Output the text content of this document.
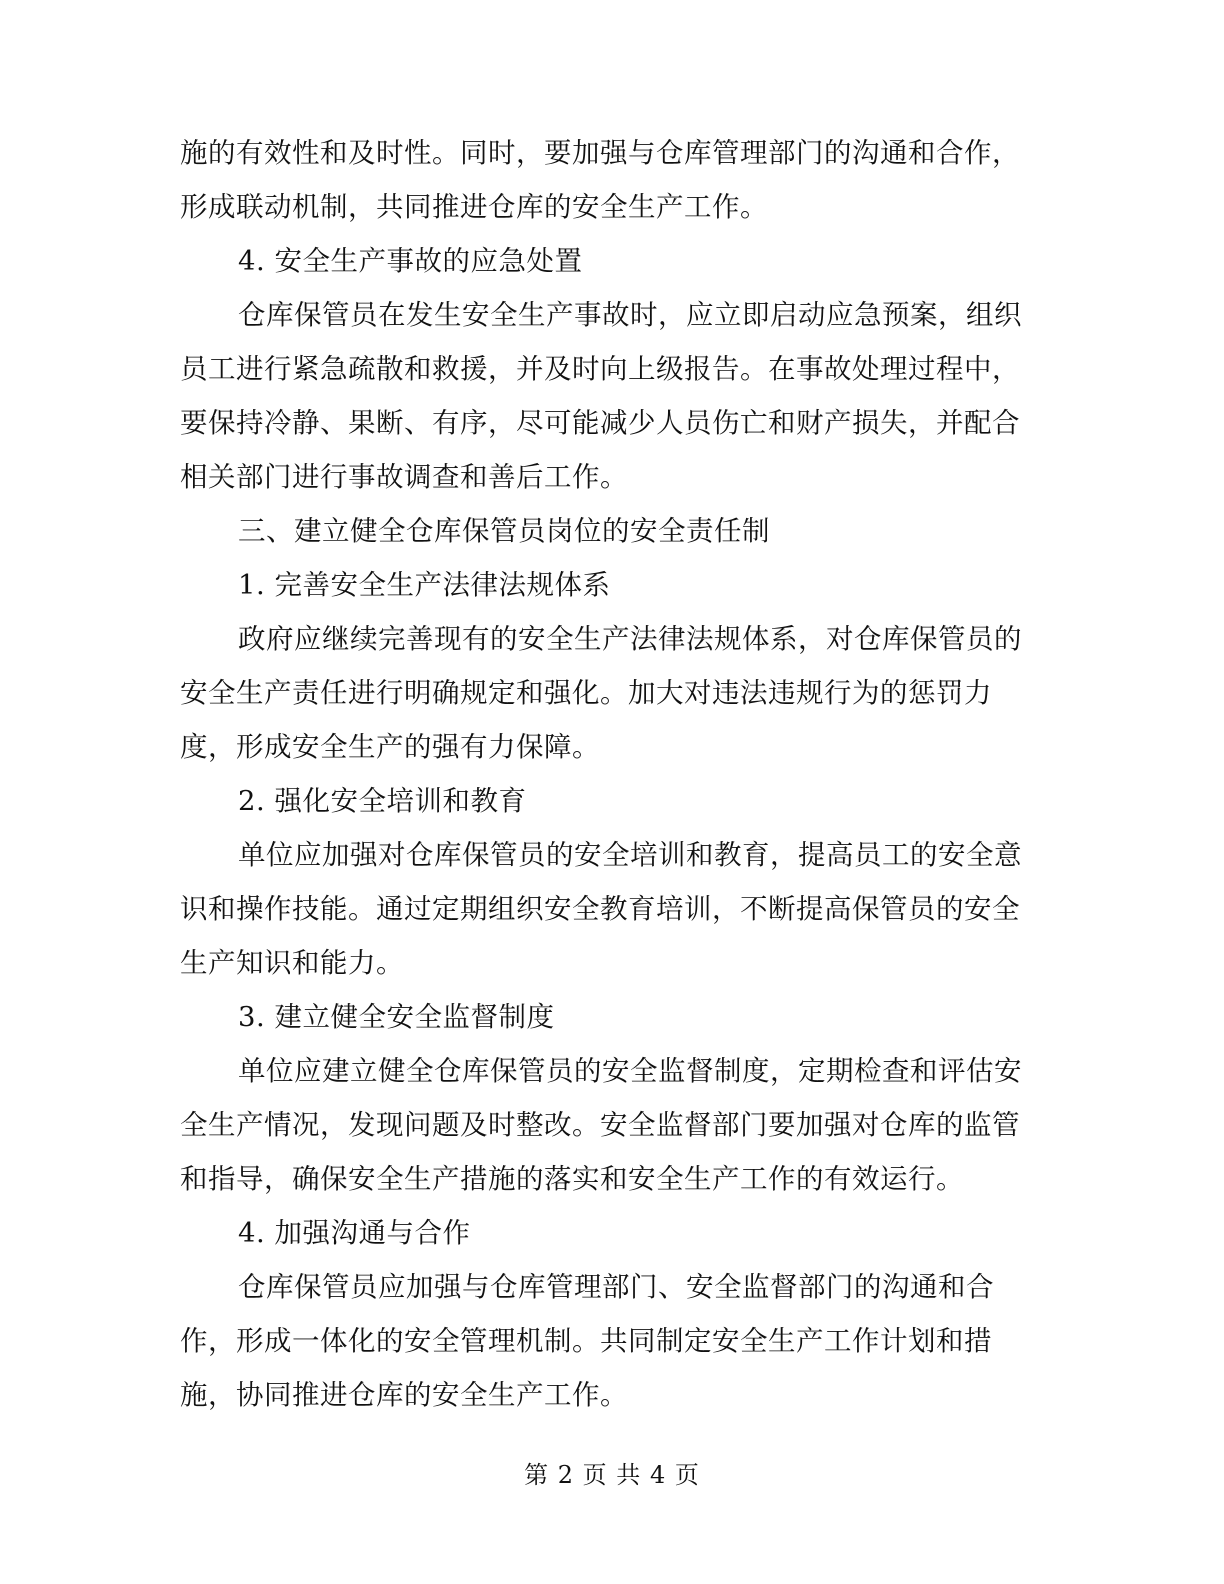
施的有效性和及时性。同时，要加强与仓库管理部门的沟通和合作，
形成联动机制，共同推进仓库的安全生产工作。
4. 安全生产事故的应急处置
仓库保管员在发生安全生产事故时，应立即启动应急预案，组织
员工进行紧急疏散和救援，并及时向上级报告。在事故处理过程中，
要保持冷静、果断、有序，尽可能减少人员伤亡和财产损失，并配合
相关部门进行事故调查和善后工作。
三、建立健全仓库保管员岗位的安全责任制
1. 完善安全生产法律法规体系
政府应继续完善现有的安全生产法律法规体系，对仓库保管员的
安全生产责任进行明确规定和强化。加大对违法违规行为的惩罚力
度，形成安全生产的强有力保障。
2. 强化安全培训和教育
单位应加强对仓库保管员的安全培训和教育，提高员工的安全意
识和操作技能。通过定期组织安全教育培训，不断提高保管员的安全
生产知识和能力。
3. 建立健全安全监督制度
单位应建立健全仓库保管员的安全监督制度，定期检查和评估安
全生产情况，发现问题及时整改。安全监督部门要加强对仓库的监管
和指导，确保安全生产措施的落实和安全生产工作的有效运行。
4. 加强沟通与合作
仓库保管员应加强与仓库管理部门、安全监督部门的沟通和合
作，形成一体化的安全管理机制。共同制定安全生产工作计划和措
施，协同推进仓库的安全生产工作。
第 2 页 共 4 页
